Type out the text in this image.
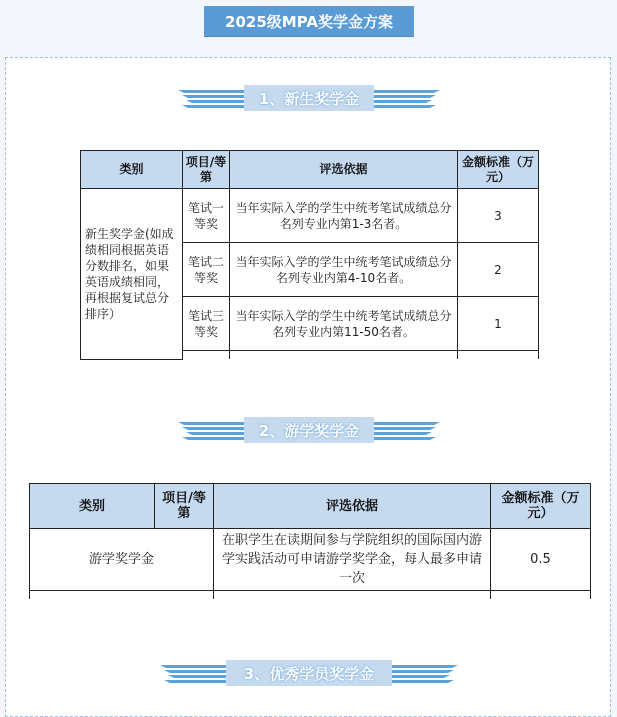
2025级MPA奖学金方案
1、新生奖学金
类别	项目/等第	评选依据	金额标准（万元）
新生奖学金(如成绩相同根据英语分数排名，如果英语成绩相同，再根据复试总分排序）	笔试一等奖	当年实际入学的学生中统考笔试成绩总分名列专业内第1-3名者。	3
	笔试二等奖	当年实际入学的学生中统考笔试成绩总分名列专业内第4-10名者。	2
	笔试三等奖	当年实际入学的学生中统考笔试成绩总分名列专业内第11-50名者。	1

2、游学奖学金
类别	项目/等第	评选依据	金额标准（万元）
游学奖学金		在职学生在读期间参与学院组织的国际国内游学实践活动可申请游学奖学金，每人最多申请一次	0.5

3、优秀学员奖学金
